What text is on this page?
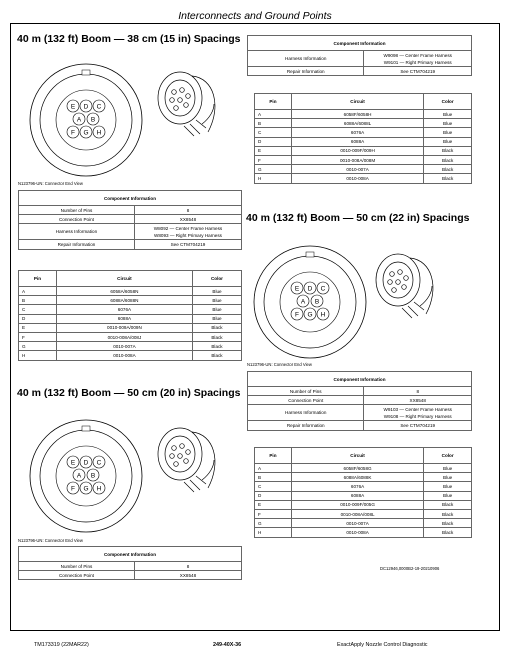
Interconnects and Ground Points
40 m (132 ft) Boom — 38 cm (15 in) Spacings
E D C
A B
F G H
N123796-UN: Connector End View
Component Information	
Harness Information	W9098 — Center Frame Harness
W9101 — Right Primary Harness

Repair Information	See CTM704219
Pin	Circuit	Color
A	6058F/6058H	Blue
B	6088A/6088L	Blue
C	6076A	Blue
D	6088A	Blue
E	0010-009F/009H	Black
F	0010-008A/008M	Black
G	0010-007A	Black
H	0010-008A	Black
Component Information	
Number of Pins	8
Connection Point	XX8548
Harness Information	W8092 — Center Frame Harness
W8093 — Right Primary Harness

Repair Information	See CTM704219
Pin	Circuit	Color
A	6058A/6058N	Blue
B	6088A/6088N	Blue
C	6076A	Blue
D	6088A	Blue
E	0010-009A/009N	Black
F	0010-008A/008J	Black
G	0010-007A	Black
H	0010-008A	Black
40 m (132 ft) Boom — 50 cm (22 in) Spacings
E D C
A B
F G H
N123796-UN: Connector End View
Component Information	
Number of Pins	8
Connection Point	XX8548
Harness Information	W9103 — Center Frame Harness
W9108 — Right Primary Harness

Repair Information	See CTM704219
Pin	Circuit	Color
A	6058F/6058G	Blue
B	6088A/6088K	Blue
C	6076A	Blue
D	6088A	Blue
E	0010-009F/005G	Black
F	0010-008A/008L	Black
G	0010-007A	Black
H	0010-008A	Black
DC12946,0000B2-19-20210906
40 m (132 ft) Boom — 50 cm (20 in) Spacings
E D C
A B
F G H
N123796-UN: Connector End View
Component Information	
Number of Pins	8
Connection Point	XX8548
TM173319 (22MAR22)	249-40X-36	ExactApply Nozzle Control Diagnostic
